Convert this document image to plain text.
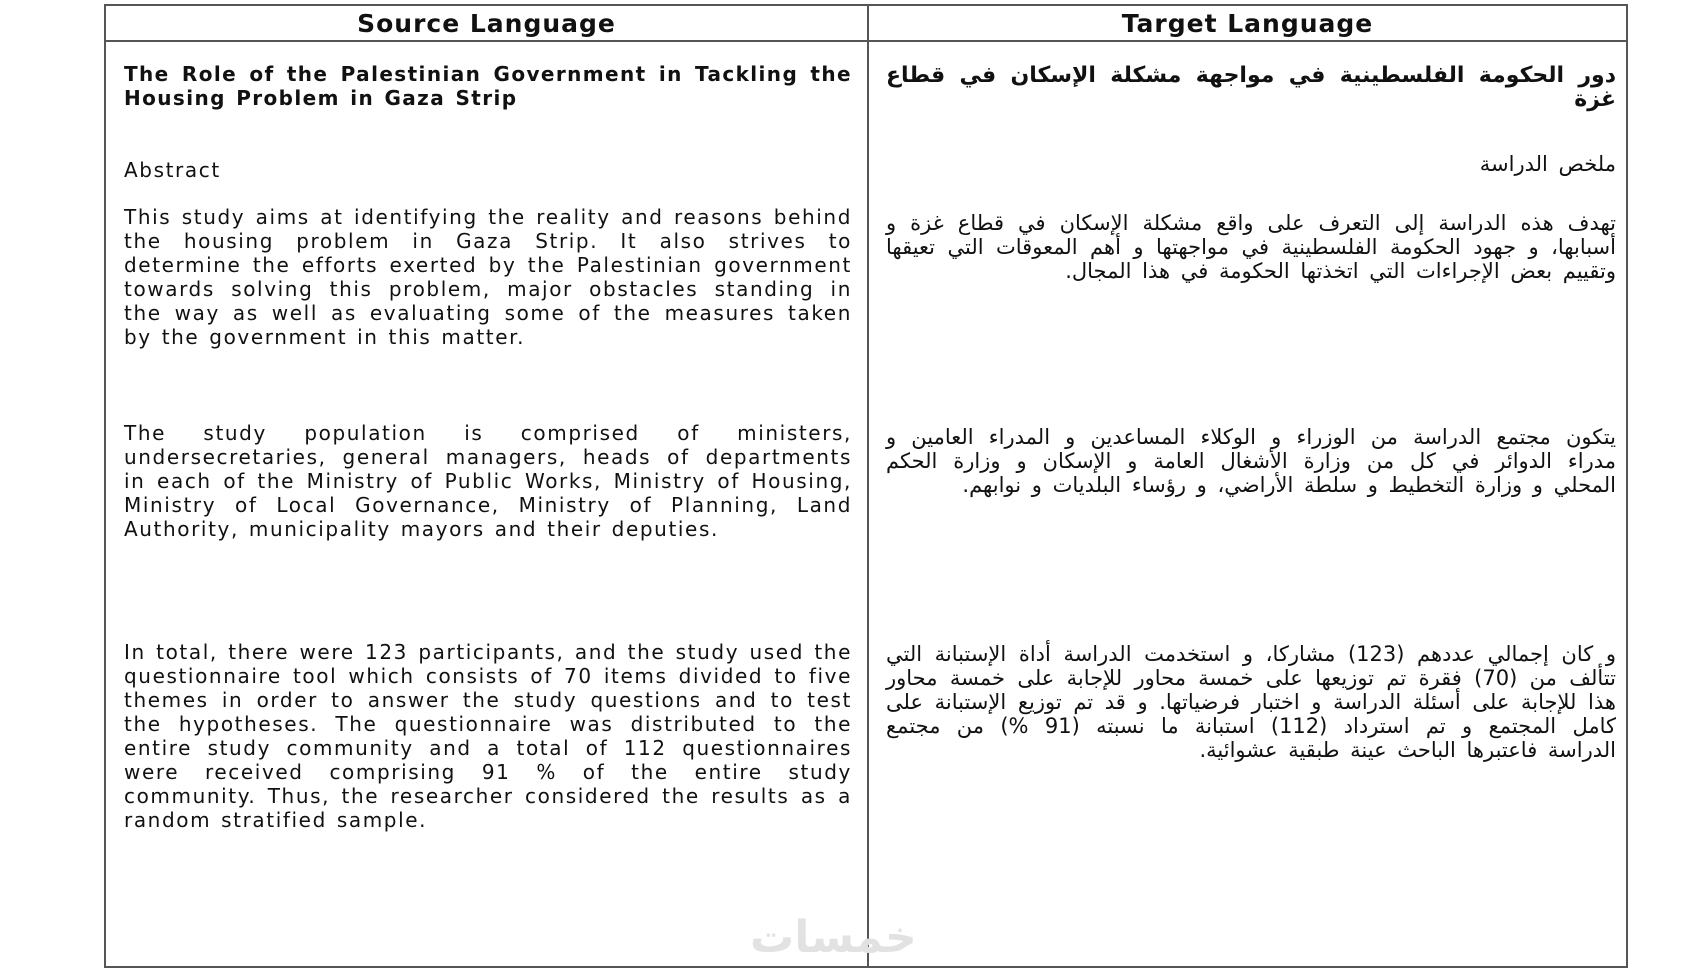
Source Language	Target Language

The Role of the Palestinian Government in Tackling the Housing Problem in Gaza Strip

Abstract

This study aims at identifying the reality and reasons behind the housing problem in Gaza Strip. It also strives to determine the efforts exerted by the Palestinian government towards solving this problem, major obstacles standing in the way as well as evaluating some of the measures taken by the government in this matter.

The study population is comprised of ministers, undersecretaries, general managers, heads of departments in each of the Ministry of Public Works, Ministry of Housing, Ministry of Local Governance, Ministry of Planning, Land Authority, municipality mayors and their deputies.

In total, there were 123 participants, and the study used the questionnaire tool which consists of 70 items divided to five themes in order to answer the study questions and to test the hypotheses. The questionnaire was distributed to the entire study community and a total of 112 questionnaires were received comprising 91 % of the entire study community. Thus, the researcher considered the results as a random stratified sample.

دور الحكومة الفلسطينية في مواجهة مشكلة الإسكان في قطاع غزة

ملخص الدراسة

تهدف هذه الدراسة إلى التعرف على واقع مشكلة الإسكان في قطاع غزة و أسبابها، و جهود الحكومة الفلسطينية في مواجهتها و أهم المعوقات التي تعيقها وتقييم بعض الإجراءات التي اتخذتها الحكومة في هذا المجال.

يتكون مجتمع الدراسة من الوزراء و الوكلاء المساعدين و المدراء العامين و مدراء الدوائر في كل من وزارة الأشغال العامة و الإسكان و وزارة الحكم المحلي و وزارة التخطيط و سلطة الأراضي، و رؤساء البلديات و نوابهم.

و كان إجمالي عددهم (123) مشاركا، و استخدمت الدراسة أداة الإستبانة التي تتألف من (70) فقرة تم توزيعها على خمسة محاور للإجابة على خمسة محاور هذا للإجابة على أسئلة الدراسة و اختبار فرضياتها. و قد تم توزيع الإستبانة على كامل المجتمع و تم استرداد (112) استبانة ما نسبته (91 %) من مجتمع الدراسة فاعتبرها الباحث عينة طبقية عشوائية.

خمسات
